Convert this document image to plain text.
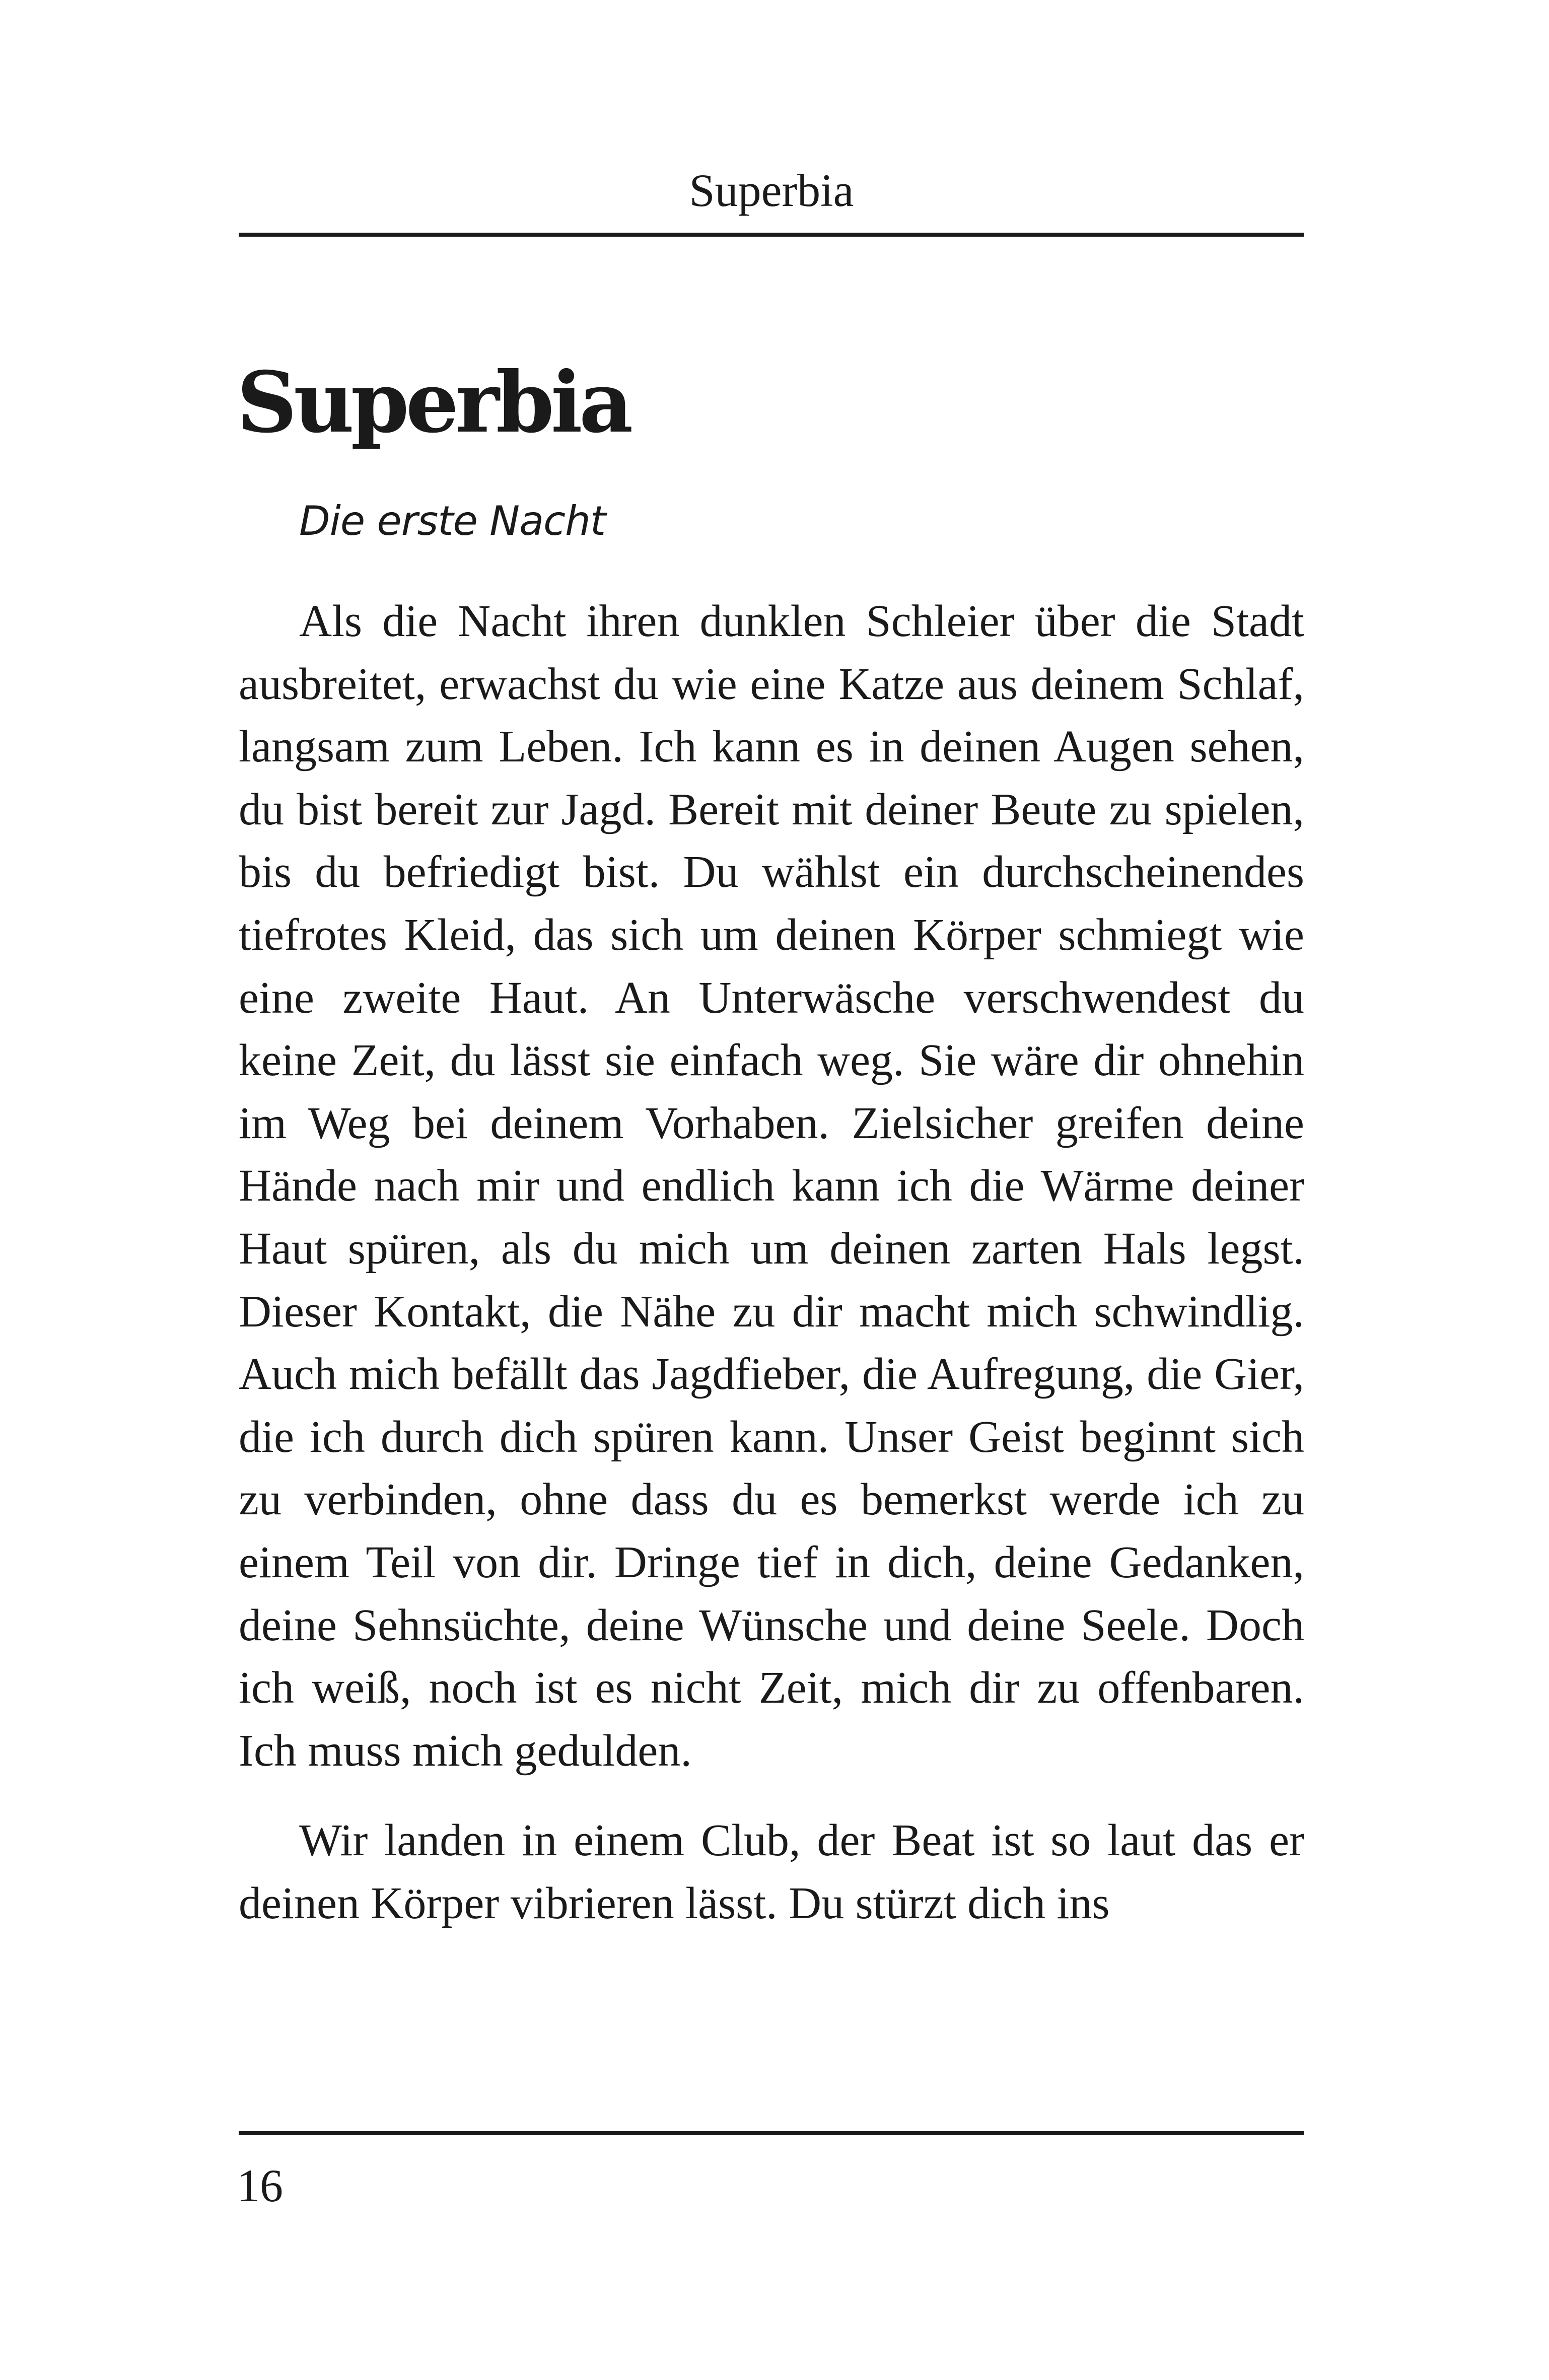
Superbia
Superbia

Die erste Nacht

Als die Nacht ihren dunklen Schleier über die Stadt ausbreitet, erwachst du wie eine Katze aus deinem Schlaf, langsam zum Leben. Ich kann es in deinen Augen sehen, du bist bereit zur Jagd. Bereit mit deiner Beute zu spielen, bis du befriedigt bist. Du wählst ein durchscheinendes tiefrotes Kleid, das sich um deinen Körper schmiegt wie eine zweite Haut. An Unterwäsche verschwendest du keine Zeit, du lässt sie einfach weg. Sie wäre dir ohnehin im Weg bei deinem Vorhaben. Zielsicher greifen deine Hände nach mir und endlich kann ich die Wärme deiner Haut spüren, als du mich um deinen zarten Hals legst. Dieser Kontakt, die Nähe zu dir macht mich schwindlig. Auch mich befällt das Jagdfieber, die Aufregung, die Gier, die ich durch dich spüren kann. Unser Geist beginnt sich zu verbinden, ohne dass du es bemerkst werde ich zu einem Teil von dir. Dringe tief in dich, deine Gedanken, deine Sehnsüchte, deine Wünsche und deine Seele. Doch ich weiß, noch ist es nicht Zeit, mich dir zu offenbaren. Ich muss mich gedulden.

Wir landen in einem Club, der Beat ist so laut das er deinen Körper vibrieren lässt. Du stürzt dich ins

16
